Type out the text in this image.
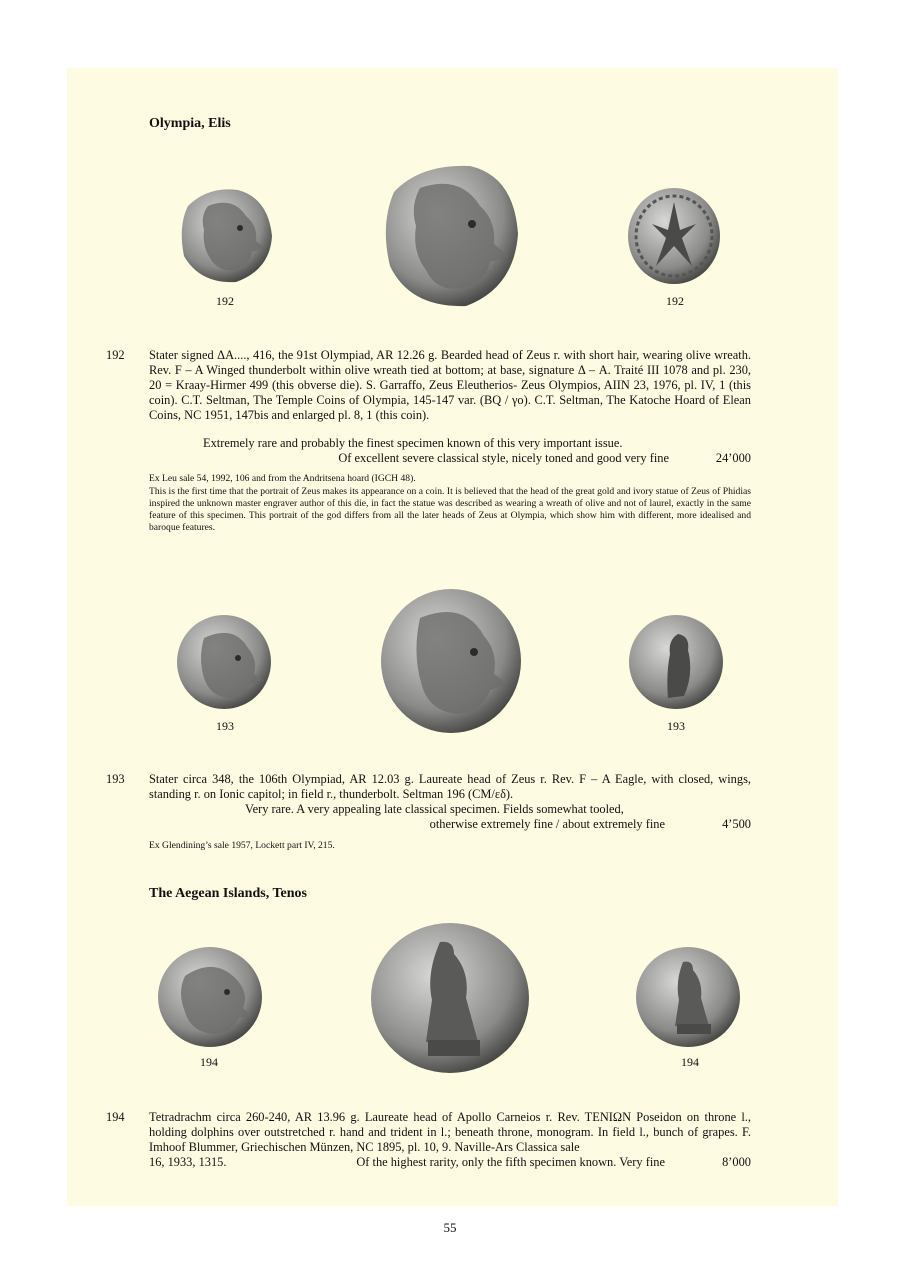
Olympia, Elis
192	192
192 Stater signed ΔA...., 416, the 91st Olympiad, AR 12.26 g. Bearded head of Zeus r. with short hair, wearing olive wreath. Rev. F – A Winged thunderbolt within olive wreath tied at bottom; at base, signature Δ – A. Traité III 1078 and pl. 230, 20 = Kraay-Hirmer 499 (this obverse die). S. Garraffo, Zeus Eleutherios- Zeus Olympios, AIIN 23, 1976, pl. IV, 1 (this coin). C.T. Seltman, The Temple Coins of Olympia, 145-147 var. (BQ / γo). C.T. Seltman, The Katoche Hoard of Elean Coins, NC 1951, 147bis and enlarged pl. 8, 1 (this coin).
Extremely rare and probably the finest specimen known of this very important issue.
Of excellent severe classical style, nicely toned and good very fine	24’000
Ex Leu sale 54, 1992, 106 and from the Andritsena hoard (IGCH 48).
This is the first time that the portrait of Zeus makes its appearance on a coin. It is believed that the head of the great gold and ivory statue of Zeus of Phidias inspired the unknown master engraver author of this die, in fact the statue was described as wearing a wreath of olive and not of laurel, exactly in the same feature of this specimen. This portrait of the god differs from all the later heads of Zeus at Olympia, which show him with different, more idealised and baroque features.
193	193
193 Stater circa 348, the 106th Olympiad, AR 12.03 g. Laureate head of Zeus r. Rev. F – A Eagle, with closed, wings, standing r. on Ionic capitol; in field r., thunderbolt. Seltman 196 (CM/εδ).
Very rare. A very appealing late classical specimen. Fields somewhat tooled,
otherwise extremely fine / about extremely fine	4’500
Ex Glendining’s sale 1957, Lockett part IV, 215.
The Aegean Islands, Tenos
194	194
194 Tetradrachm circa 260-240, AR 13.96 g. Laureate head of Apollo Carneios r. Rev. TENIΩN Poseidon on throne l., holding dolphins over outstretched r. hand and trident in l.; beneath throne, monogram. In field l., bunch of grapes. F. Imhoof Blummer, Griechischen Münzen, NC 1895, pl. 10, 9. Naville-Ars Classica sale
16, 1933, 1315.	Of the highest rarity, only the fifth specimen known. Very fine	8’000
55
